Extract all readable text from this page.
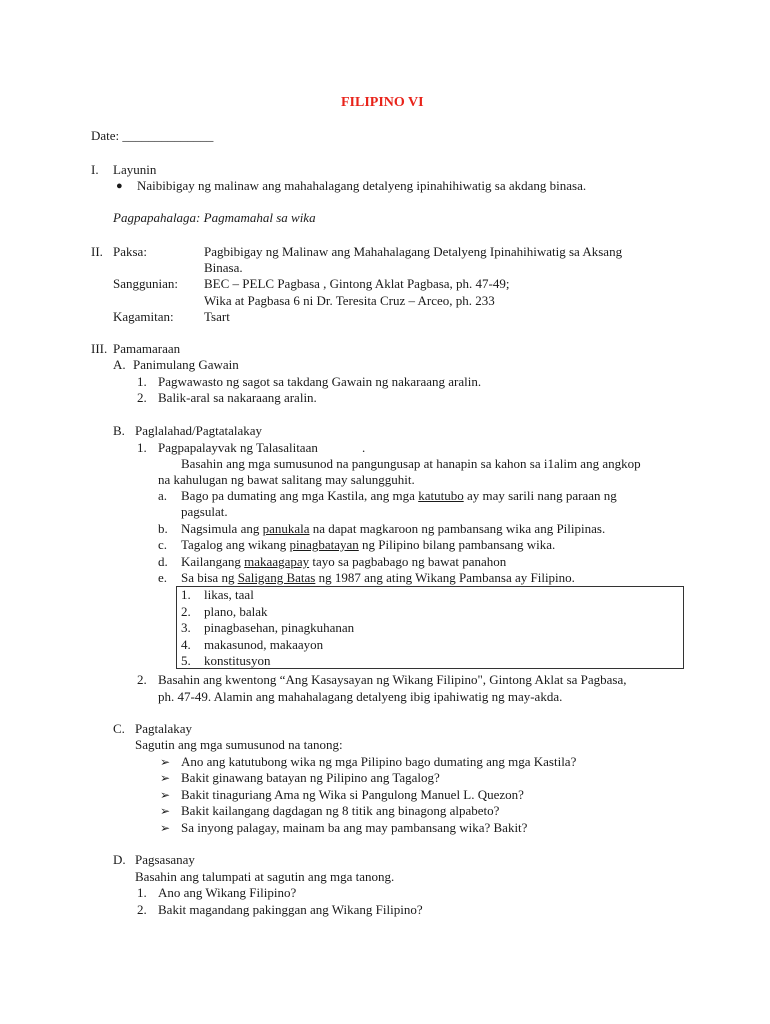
FILIPINO VI
Date: ______________
I. Layunin
● Naibibigay ng malinaw ang mahahalagang detalyeng ipinahihiwatig sa akdang binasa.
Pagpapahalaga: Pagmamahal sa wika
II. Paksa:	Pagbibigay ng Malinaw ang Mahahalagang Detalyeng Ipinahihiwatig sa Aksang
Binasa.
Sanggunian: BEC – PELC Pagbasa , Gintong Aklat Pagbasa, ph. 47-49;
Wika at Pagbasa 6 ni Dr. Teresita Cruz – Arceo, ph. 233
Kagamitan: Tsart
III. Pamamaraan
A. Panimulang Gawain
1. Pagwawasto ng sagot sa takdang Gawain ng nakaraang aralin.
2. Balik-aral sa nakaraang aralin.
B. Paglalahad/Pagtatalakay
1. Pagpapalayvak ng Talasalitaan	.
Basahin ang mga sumusunod na pangungusap at hanapin sa kahon sa i1alim ang angkop
na kahulugan ng bawat salitang may salungguhit.
a. Bago pa dumating ang mga Kastila, ang mga katutubo ay may sarili nang paraan ng
pagsulat.
b. Nagsimula ang panukala na dapat magkaroon ng pambansang wika ang Pilipinas.
c. Tagalog ang wikang pinagbatayan ng Pilipino bilang pambansang wika.
d. Kailangang makaagapay tayo sa pagbabago ng bawat panahon
e. Sa bisa ng Saligang Batas ng 1987 ang ating Wikang Pambansa ay Filipino.
1. likas, taal
2. plano, balak
3. pinagbasehan, pinagkuhanan
4. makasunod, makaayon
5. konstitusyon
2. Basahin ang kwentong “Ang Kasaysayan ng Wikang Filipino", Gintong Aklat sa Pagbasa,
ph. 47-49. Alamin ang mahahalagang detalyeng ibig ipahiwatig ng may-akda.
C. Pagtalakay
Sagutin ang mga sumusunod na tanong:
➢ Ano ang katutubong wika ng mga Pilipino bago dumating ang mga Kastila?
➢ Bakit ginawang batayan ng Pilipino ang Tagalog?
➢ Bakit tinaguriang Ama ng Wika si Pangulong Manuel L. Quezon?
➢ Bakit kailangang dagdagan ng 8 titik ang binagong alpabeto?
➢ Sa inyong palagay, mainam ba ang may pambansang wika? Bakit?
D. Pagsasanay
Basahin ang talumpati at sagutin ang mga tanong.
1. Ano ang Wikang Filipino?
2. Bakit magandang pakinggan ang Wikang Filipino?
